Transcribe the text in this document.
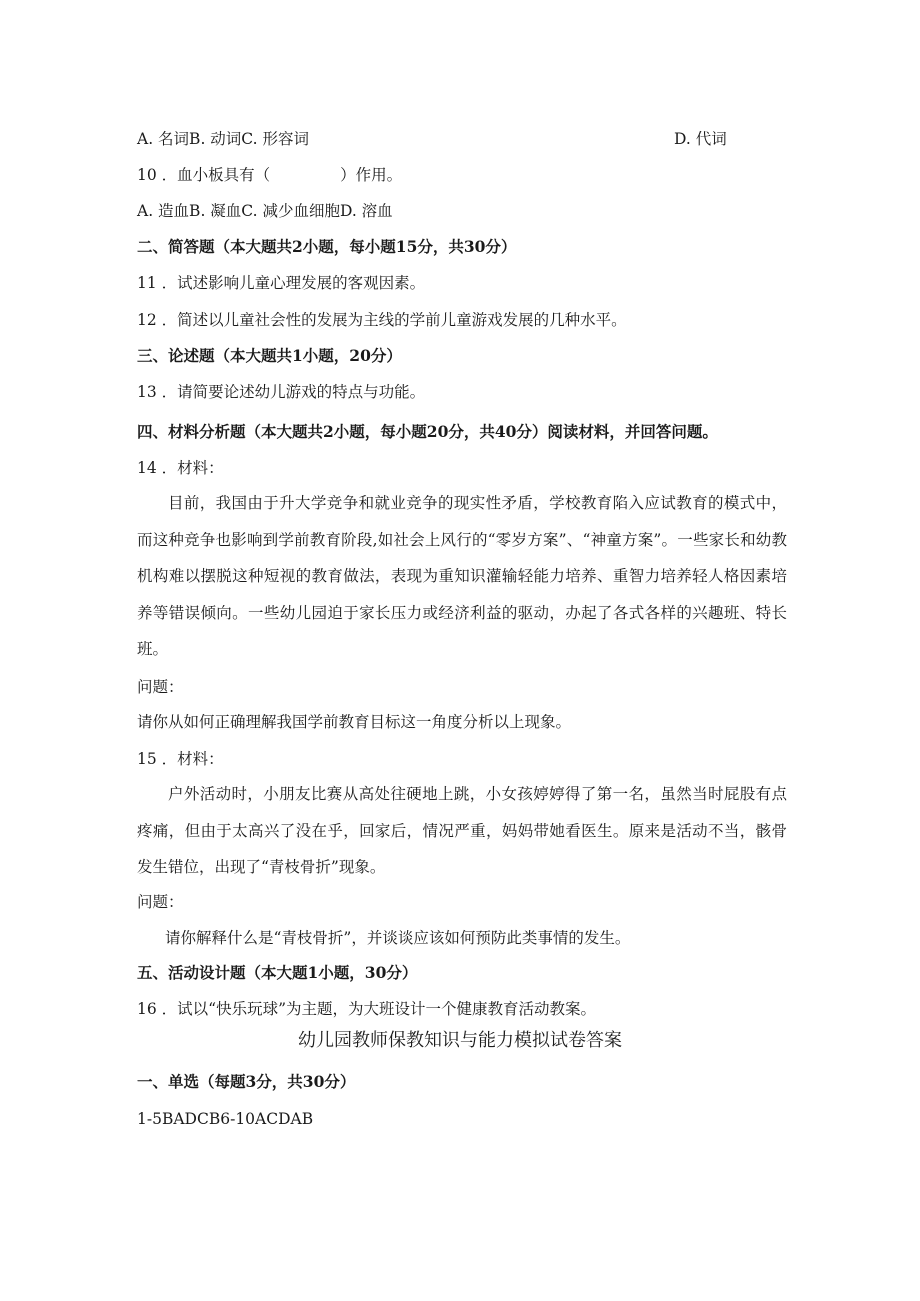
A. 名词B. 动词C. 形容词	D. 代词
10 ．血小板具有（	）作用。
A. 造血B. 凝血C. 减少血细胞D. 溶血
二、简答题（本大题共2小题，每小题15分，共30分）
11 ．试述影响儿童心理发展的客观因素。
12 ．简述以儿童社会性的发展为主线的学前儿童游戏发展的几种水平。
三、论述题（本大题共1小题，20分）
13 ．请简要论述幼儿游戏的特点与功能。
四、材料分析题（本大题共2小题，每小题20分，共40分）阅读材料，并回答问题。
14 ．材料：
目前，我国由于升大学竞争和就业竞争的现实性矛盾，学校教育陷入应试教育的模式中，而这种竞争也影响到学前教育阶段,如社会上风行的“零岁方案”、“神童方案”。一些家长和幼教机构难以摆脱这种短视的教育做法，表现为重知识灌输轻能力培养、重智力培养轻人格因素培养等错误倾向。一些幼儿园迫于家长压力或经济利益的驱动，办起了各式各样的兴趣班、特长班。
问题：
请你从如何正确理解我国学前教育目标这一角度分析以上现象。
15 ．材料：
户外活动时，小朋友比赛从高处往硬地上跳，小女孩婷婷得了第一名，虽然当时屁股有点疼痛，但由于太高兴了没在乎，回家后，情况严重，妈妈带她看医生。原来是活动不当，骸骨发生错位，出现了“青枝骨折”现象。
问题：
请你解释什么是“青枝骨折”，并谈谈应该如何预防此类事情的发生。
五、活动设计题（本大题1小题，30分）
16 ．试以“快乐玩球”为主题，为大班设计一个健康教育活动教案。
幼儿园教师保教知识与能力模拟试卷答案
一、单选（每题3分，共30分）
1-5BADCB6-10ACDAB
